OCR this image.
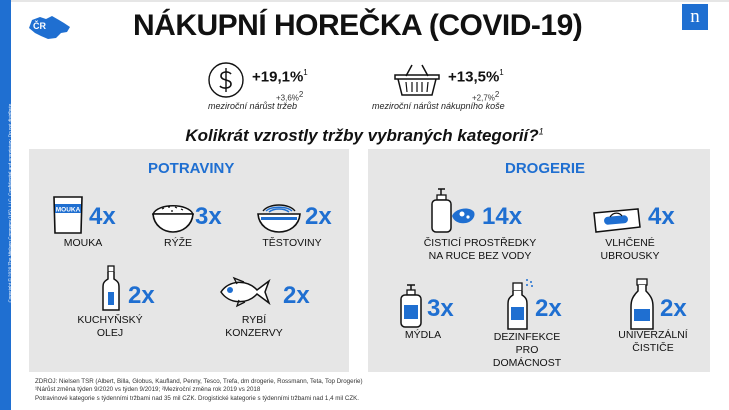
Copyright © 2020 The Nielsen Company (US), LLC. Confidential and proprietary. Do not distribute.
ČR	NÁKUPNÍ HOREČKA (COVID-19)	n
+19,1%$^1$
+3,6%2
meziroční nárůst tržeb
+13,5%$^1$
+2,7%2
meziroční nárůst nákupního koše
Kolikrát vzrostly tržby vybraných kategorií?$^1$
POTRAVINY
MOUKA 4x
MOUKA
3x
RÝŽE
2x
TĚSTOVINY
2x
KUCHYŇSKÝ
OLEJ
2x
RYBÍ
KONZERVY
DROGERIE
14x
ČISTICÍ PROSTŘEDKY
NA RUCE BEZ VODY
4x
VLHČENÉ
UBROUSKY
3x
MÝDLA
2x
DEZINFEKCE
PRO
DOMÁCNOST
2x
UNIVERZÁLNÍ
ČISTIČE
ZDROJ: Nielsen TSR (Albert, Billa, Globus, Kaufland, Penny, Tesco, Trefa, dm drogerie, Rossmann, Teta, Top Drogerie)
¹Nárůst změna týden 9/2020 vs týden 9/2019; ²Meziroční změna rok 2019 vs 2018
Potravinové kategorie s týdenními tržbami nad 35 mil CZK. Drogistické kategorie s týdenními tržbami nad 1,4 mil CZK.
